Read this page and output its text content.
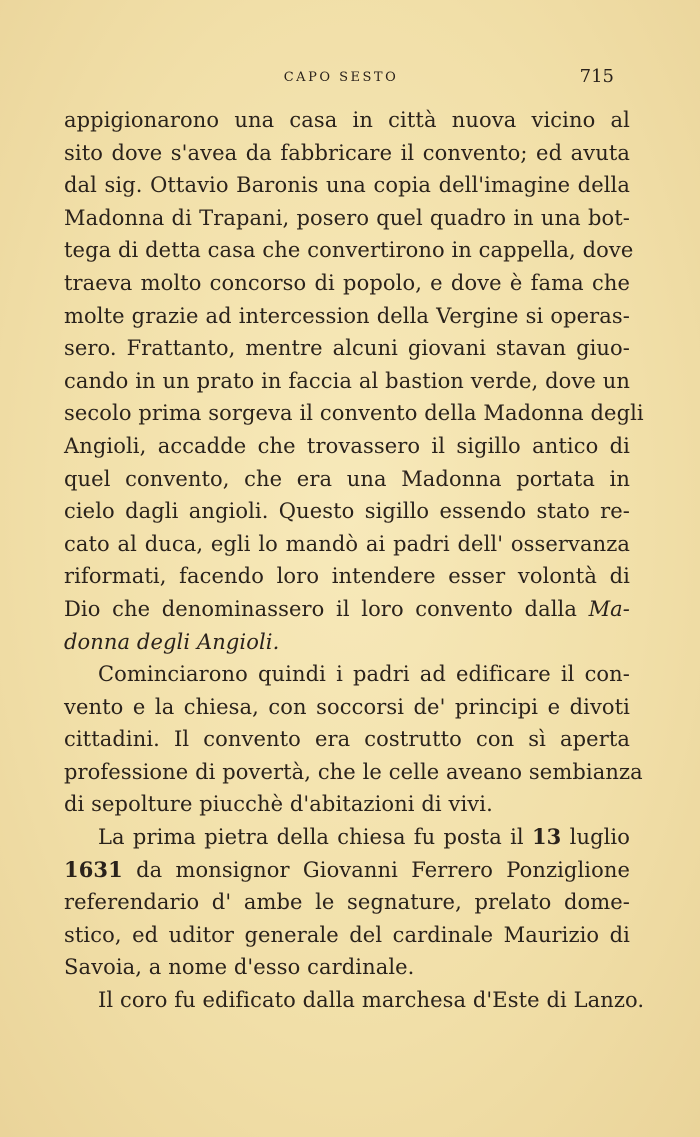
CAPO SESTO	715
appigionarono una casa in città nuova vicino al
sito dove s'avea da fabbricare il convento; ed avuta
dal sig. Ottavio Baronis una copia dell'imagine della
Madonna di Trapani, posero quel quadro in una bot-
tega di detta casa che convertirono in cappella, dove
traeva molto concorso di popolo, e dove è fama che
molte grazie ad intercession della Vergine si operas-
sero. Frattanto, mentre alcuni giovani stavan giuo-
cando in un prato in faccia al bastion verde, dove un
secolo prima sorgeva il convento della Madonna degli
Angioli, accadde che trovassero il sigillo antico di
quel convento, che era una Madonna portata in
cielo dagli angioli. Questo sigillo essendo stato re-
cato al duca, egli lo mandò ai padri dell' osservanza
riformati, facendo loro intendere esser volontà di
Dio che denominassero il loro convento dalla Ma-
donna degli Angioli.
Cominciarono quindi i padri ad edificare il con-
vento e la chiesa, con soccorsi de' principi e divoti
cittadini. Il convento era costrutto con sì aperta
professione di povertà, che le celle aveano sembianza
di sepolture piucchè d'abitazioni di vivi.
La prima pietra della chiesa fu posta il 13 luglio
1631 da monsignor Giovanni Ferrero Ponziglione
referendario d' ambe le segnature, prelato dome-
stico, ed uditor generale del cardinale Maurizio di
Savoia, a nome d'esso cardinale.
Il coro fu edificato dalla marchesa d'Este di Lanzo.
